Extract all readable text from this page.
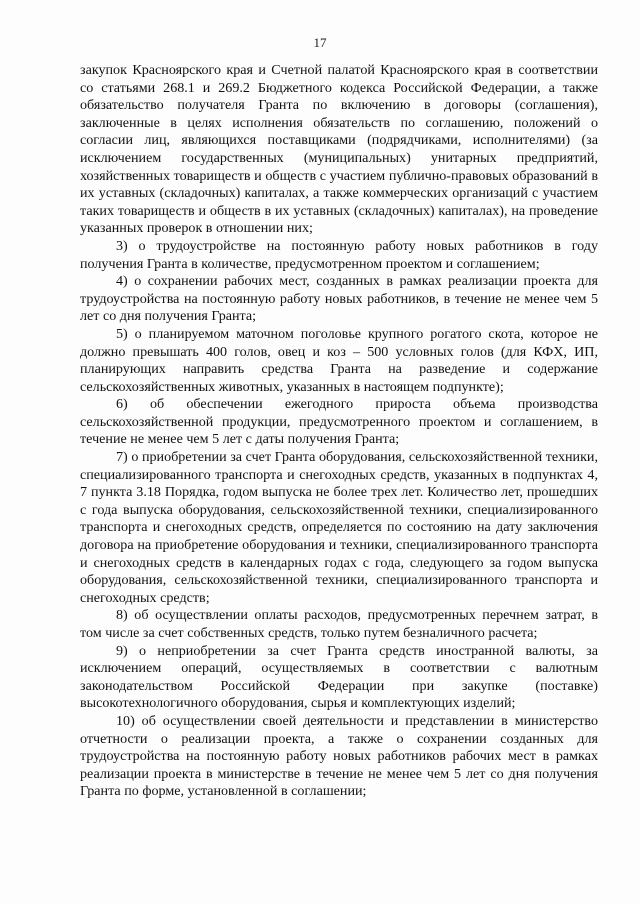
17

закупок Красноярского края и Счетной палатой Красноярского края в соответствии со статьями 268.1 и 269.2 Бюджетного кодекса Российской Федерации, а также обязательство получателя Гранта по включению в договоры (соглашения), заключенные в целях исполнения обязательств по соглашению, положений о согласии лиц, являющихся поставщиками (подрядчиками, исполнителями) (за исключением государственных (муниципальных) унитарных предприятий, хозяйственных товариществ и обществ с участием публично-правовых образований в их уставных (складочных) капиталах, а также коммерческих организаций с участием таких товариществ и обществ в их уставных (складочных) капиталах), на проведение указанных проверок в отношении них;

3) о трудоустройстве на постоянную работу новых работников в году получения Гранта в количестве, предусмотренном проектом и соглашением;

4) о сохранении рабочих мест, созданных в рамках реализации проекта для трудоустройства на постоянную работу новых работников, в течение не менее чем 5 лет со дня получения Гранта;

5) о планируемом маточном поголовье крупного рогатого скота, которое не должно превышать 400 голов, овец и коз – 500 условных голов (для КФХ, ИП, планирующих направить средства Гранта на разведение и содержание сельскохозяйственных животных, указанных в настоящем подпункте);

6) об обеспечении ежегодного прироста объема производства сельскохозяйственной продукции, предусмотренного проектом и соглашением, в течение не менее чем 5 лет с даты получения Гранта;

7) о приобретении за счет Гранта оборудования, сельскохозяйственной техники, специализированного транспорта и снегоходных средств, указанных в подпунктах 4, 7 пункта 3.18 Порядка, годом выпуска не более трех лет. Количество лет, прошедших с года выпуска оборудования, сельскохозяйственной техники, специализированного транспорта и снегоходных средств, определяется по состоянию на дату заключения договора на приобретение оборудования и техники, специализированного транспорта и снегоходных средств в календарных годах с года, следующего за годом выпуска оборудования, сельскохозяйственной техники, специализированного транспорта и снегоходных средств;

8) об осуществлении оплаты расходов, предусмотренных перечнем затрат, в том числе за счет собственных средств, только путем безналичного расчета;

9) о неприобретении за счет Гранта средств иностранной валюты, за исключением операций, осуществляемых в соответствии с валютным законодательством Российской Федерации при закупке (поставке) высокотехнологичного оборудования, сырья и комплектующих изделий;

10) об осуществлении своей деятельности и представлении в министерство отчетности о реализации проекта, а также о сохранении созданных для трудоустройства на постоянную работу новых работников рабочих мест в рамках реализации проекта в министерстве в течение не менее чем 5 лет со дня получения Гранта по форме, установленной в соглашении;
